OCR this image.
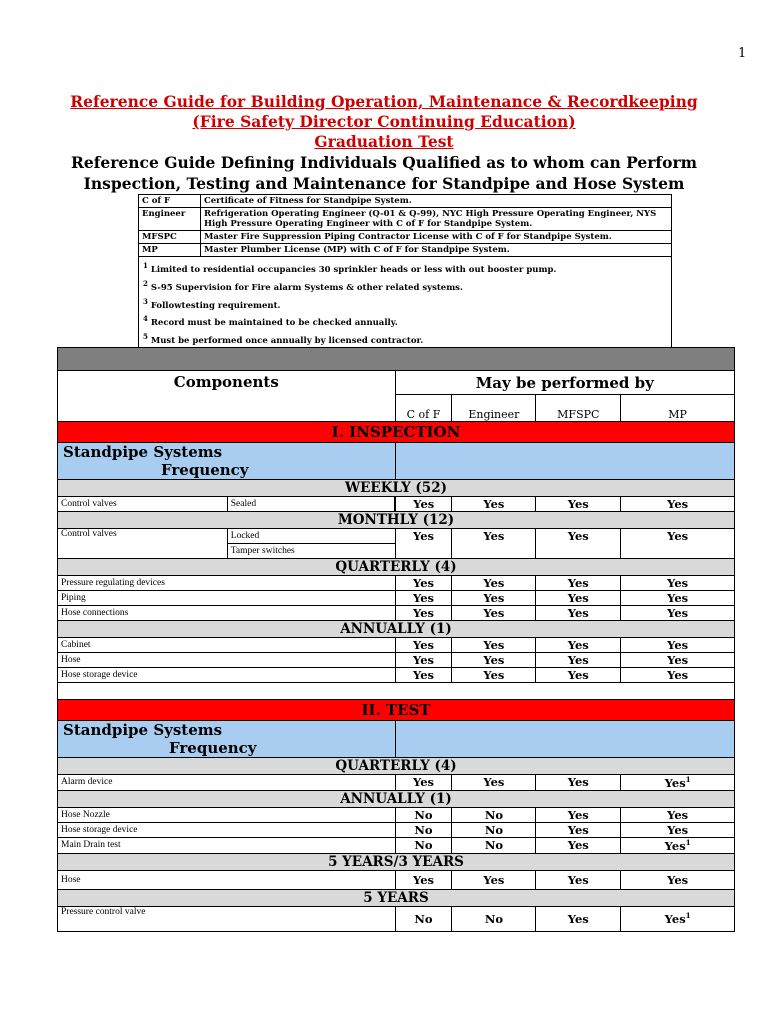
1
Reference Guide for Building Operation, Maintenance & Recordkeeping
(Fire Safety Director Continuing Education)
Graduation Test
Reference Guide Defining Individuals Qualified as to whom can Perform
Inspection, Testing and Maintenance for Standpipe and Hose System
C of F	Certificate of Fitness for Standpipe System.
Engineer	Refrigeration Operating Engineer (Q-01 & Q-99), NYC High Pressure Operating Engineer, NYS High Pressure Operating Engineer with C of F for Standpipe System.
MFSPC	Master Fire Suppression Piping Contractor License with C of F for Standpipe System.
MP	Master Plumber License (MP) with C of F for Standpipe System.

$^1$ Limited to residential occupancies 30 sprinkler heads or less with out booster pump.
$^2$ S-95 Supervision for Fire alarm Systems & other related systems.
$^3$ Followtesting requirement.
$^4$ Record must be maintained to be checked annually.
$^5$ Must be performed once annually by licensed contractor.	

Components		May be performed by			
		C of F	Engineer	MFSPC	MP
I. INSPECTION					
Standpipe Systems Frequency					
WEEKLY (52)					
Control valves	Sealed	Yes	Yes	Yes	Yes
MONTHLY (12)					
Control valves	Locked	Yes	Yes	Yes	Yes
	Tamper switches				
QUARTERLY (4)					
Pressure regulating devices		Yes	Yes	Yes	Yes
Piping		Yes	Yes	Yes	Yes
Hose connections		Yes	Yes	Yes	Yes
ANNUALLY (1)					
Cabinet		Yes	Yes	Yes	Yes
Hose		Yes	Yes	Yes	Yes
Hose storage device		Yes	Yes	Yes	Yes

II. TEST					
Standpipe Systems Frequency					
QUARTERLY (4)					
Alarm device		Yes	Yes	Yes	Yes$^1$
ANNUALLY (1)					
Hose Nozzle		No	No	Yes	Yes
Hose storage device		No	No	Yes	Yes
Main Drain test		No	No	Yes	Yes$^1$
5 YEARS/3 YEARS					
Hose		Yes	Yes	Yes	Yes
5 YEARS					
Pressure control valve		No	No	Yes	Yes$^1$
